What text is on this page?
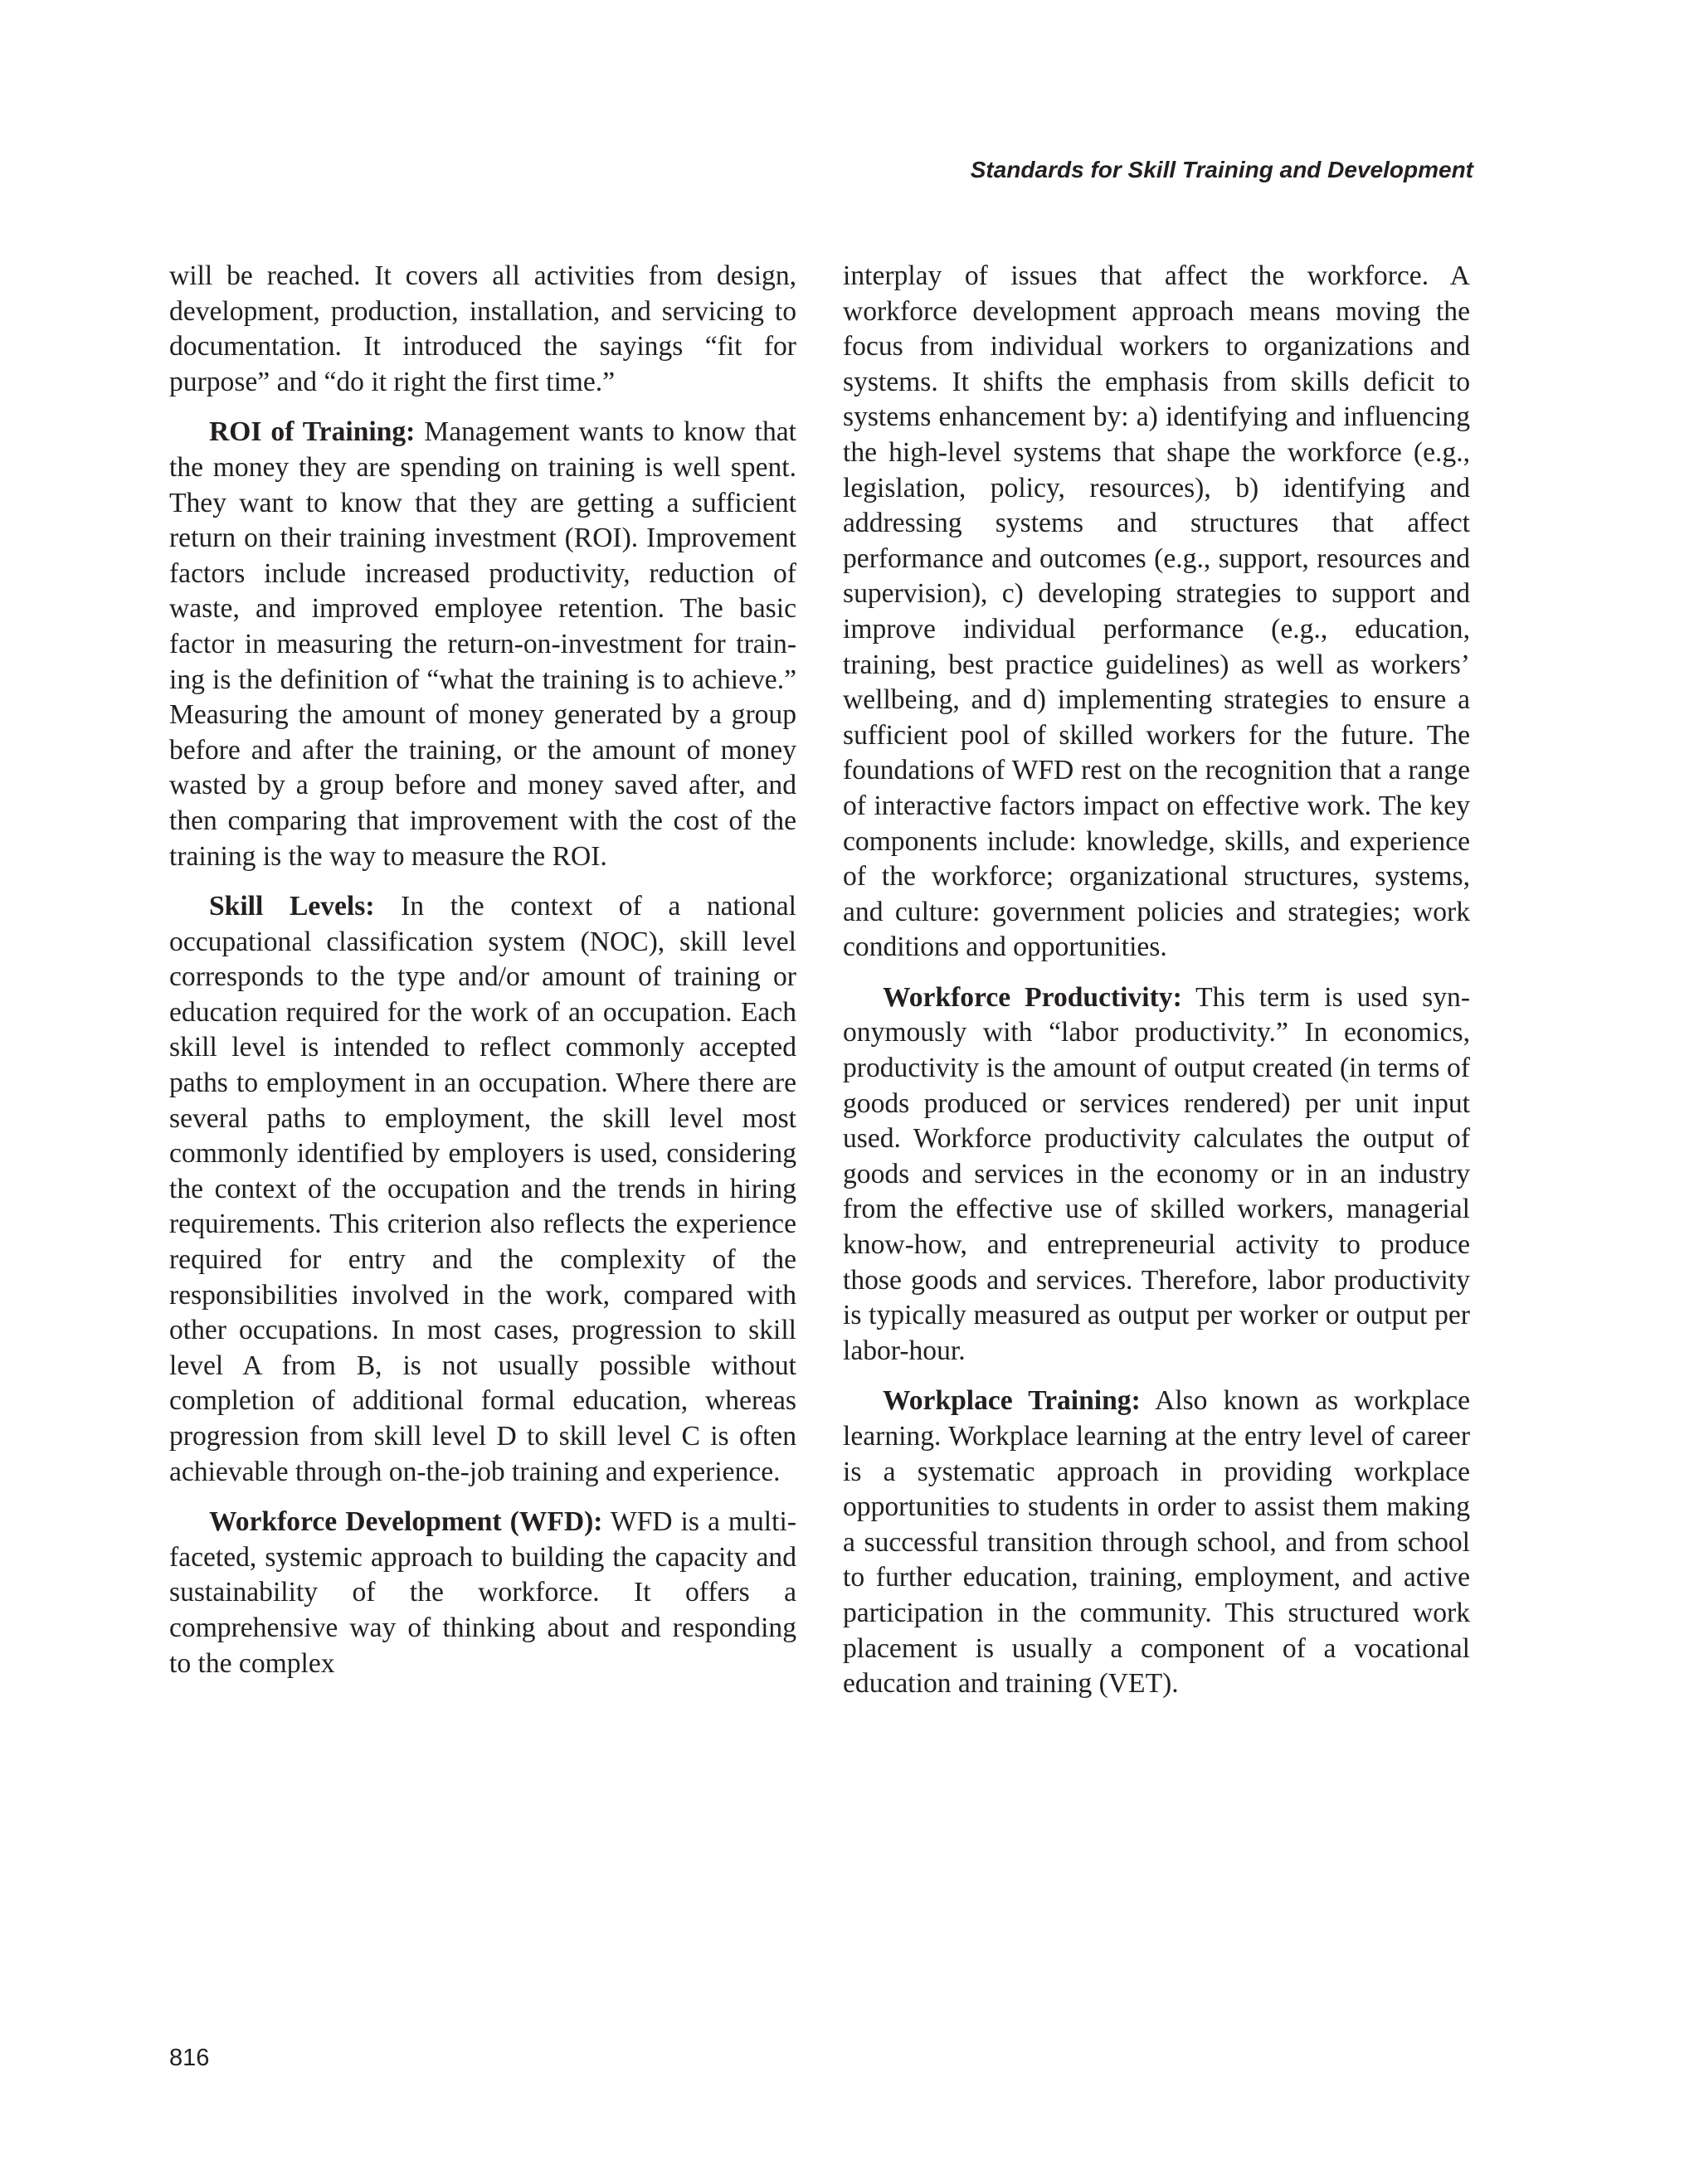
Standards for Skill Training and Development

will be reached. It covers all activities from design, development, production, installation, and servicing to documentation. It introduced the sayings “fit for purpose” and “do it right the first time.”

ROI of Training: Management wants to know that the money they are spending on training is well spent. They want to know that they are getting a sufficient return on their training investment (ROI). Improvement factors include increased productivity, reduction of waste, and improved employee retention. The basic factor in measuring the return-on-investment for training is the definition of “what the training is to achieve.” Measuring the amount of money generated by a group before and after the training, or the amount of money wasted by a group before and money saved after, and then comparing that improvement with the cost of the training is the way to measure the ROI.

Skill Levels: In the context of a national occupational classification system (NOC), skill level corresponds to the type and/or amount of training or education required for the work of an occupation. Each skill level is intended to reflect commonly accepted paths to employment in an occupation. Where there are several paths to employment, the skill level most commonly identified by employers is used, considering the context of the occupation and the trends in hiring requirements. This criterion also reflects the experience required for entry and the complexity of the responsibilities involved in the work, compared with other occupations. In most cases, progression to skill level A from B, is not usually possible without completion of additional formal education, whereas progression from skill level D to skill level C is often achievable through on-the-job training and experience.

Workforce Development (WFD): WFD is a multifaceted, systemic approach to building the capacity and sustainability of the workforce. It offers a comprehensive way of thinking about and responding to the complex

interplay of issues that affect the workforce. A workforce development approach means moving the focus from individual workers to organizations and systems. It shifts the emphasis from skills deficit to systems enhancement by: a) identifying and influencing the high-level systems that shape the workforce (e.g., legislation, policy, resources), b) identifying and addressing systems and structures that affect performance and outcomes (e.g., support, resources and supervision), c) developing strategies to support and improve individual performance (e.g., education, training, best practice guidelines) as well as workers’ wellbeing, and d) implementing strategies to ensure a sufficient pool of skilled workers for the future. The foundations of WFD rest on the recognition that a range of interactive factors impact on effective work. The key components include: knowledge, skills, and experience of the workforce; organizational structures, systems, and culture: government policies and strategies; work conditions and opportunities.

Workforce Productivity: This term is used synonymously with “labor productivity.” In economics, productivity is the amount of output created (in terms of goods produced or services rendered) per unit input used. Workforce productivity calculates the output of goods and services in the economy or in an industry from the effective use of skilled workers, managerial know-how, and entrepreneurial activity to produce those goods and services. Therefore, labor productivity is typically measured as output per worker or output per labor-hour.

Workplace Training: Also known as workplace learning. Workplace learning at the entry level of career is a systematic approach in providing workplace opportunities to students in order to assist them making a successful transition through school, and from school to further education, training, employment, and active participation in the community. This structured work placement is usually a component of a vocational education and training (VET).

816
